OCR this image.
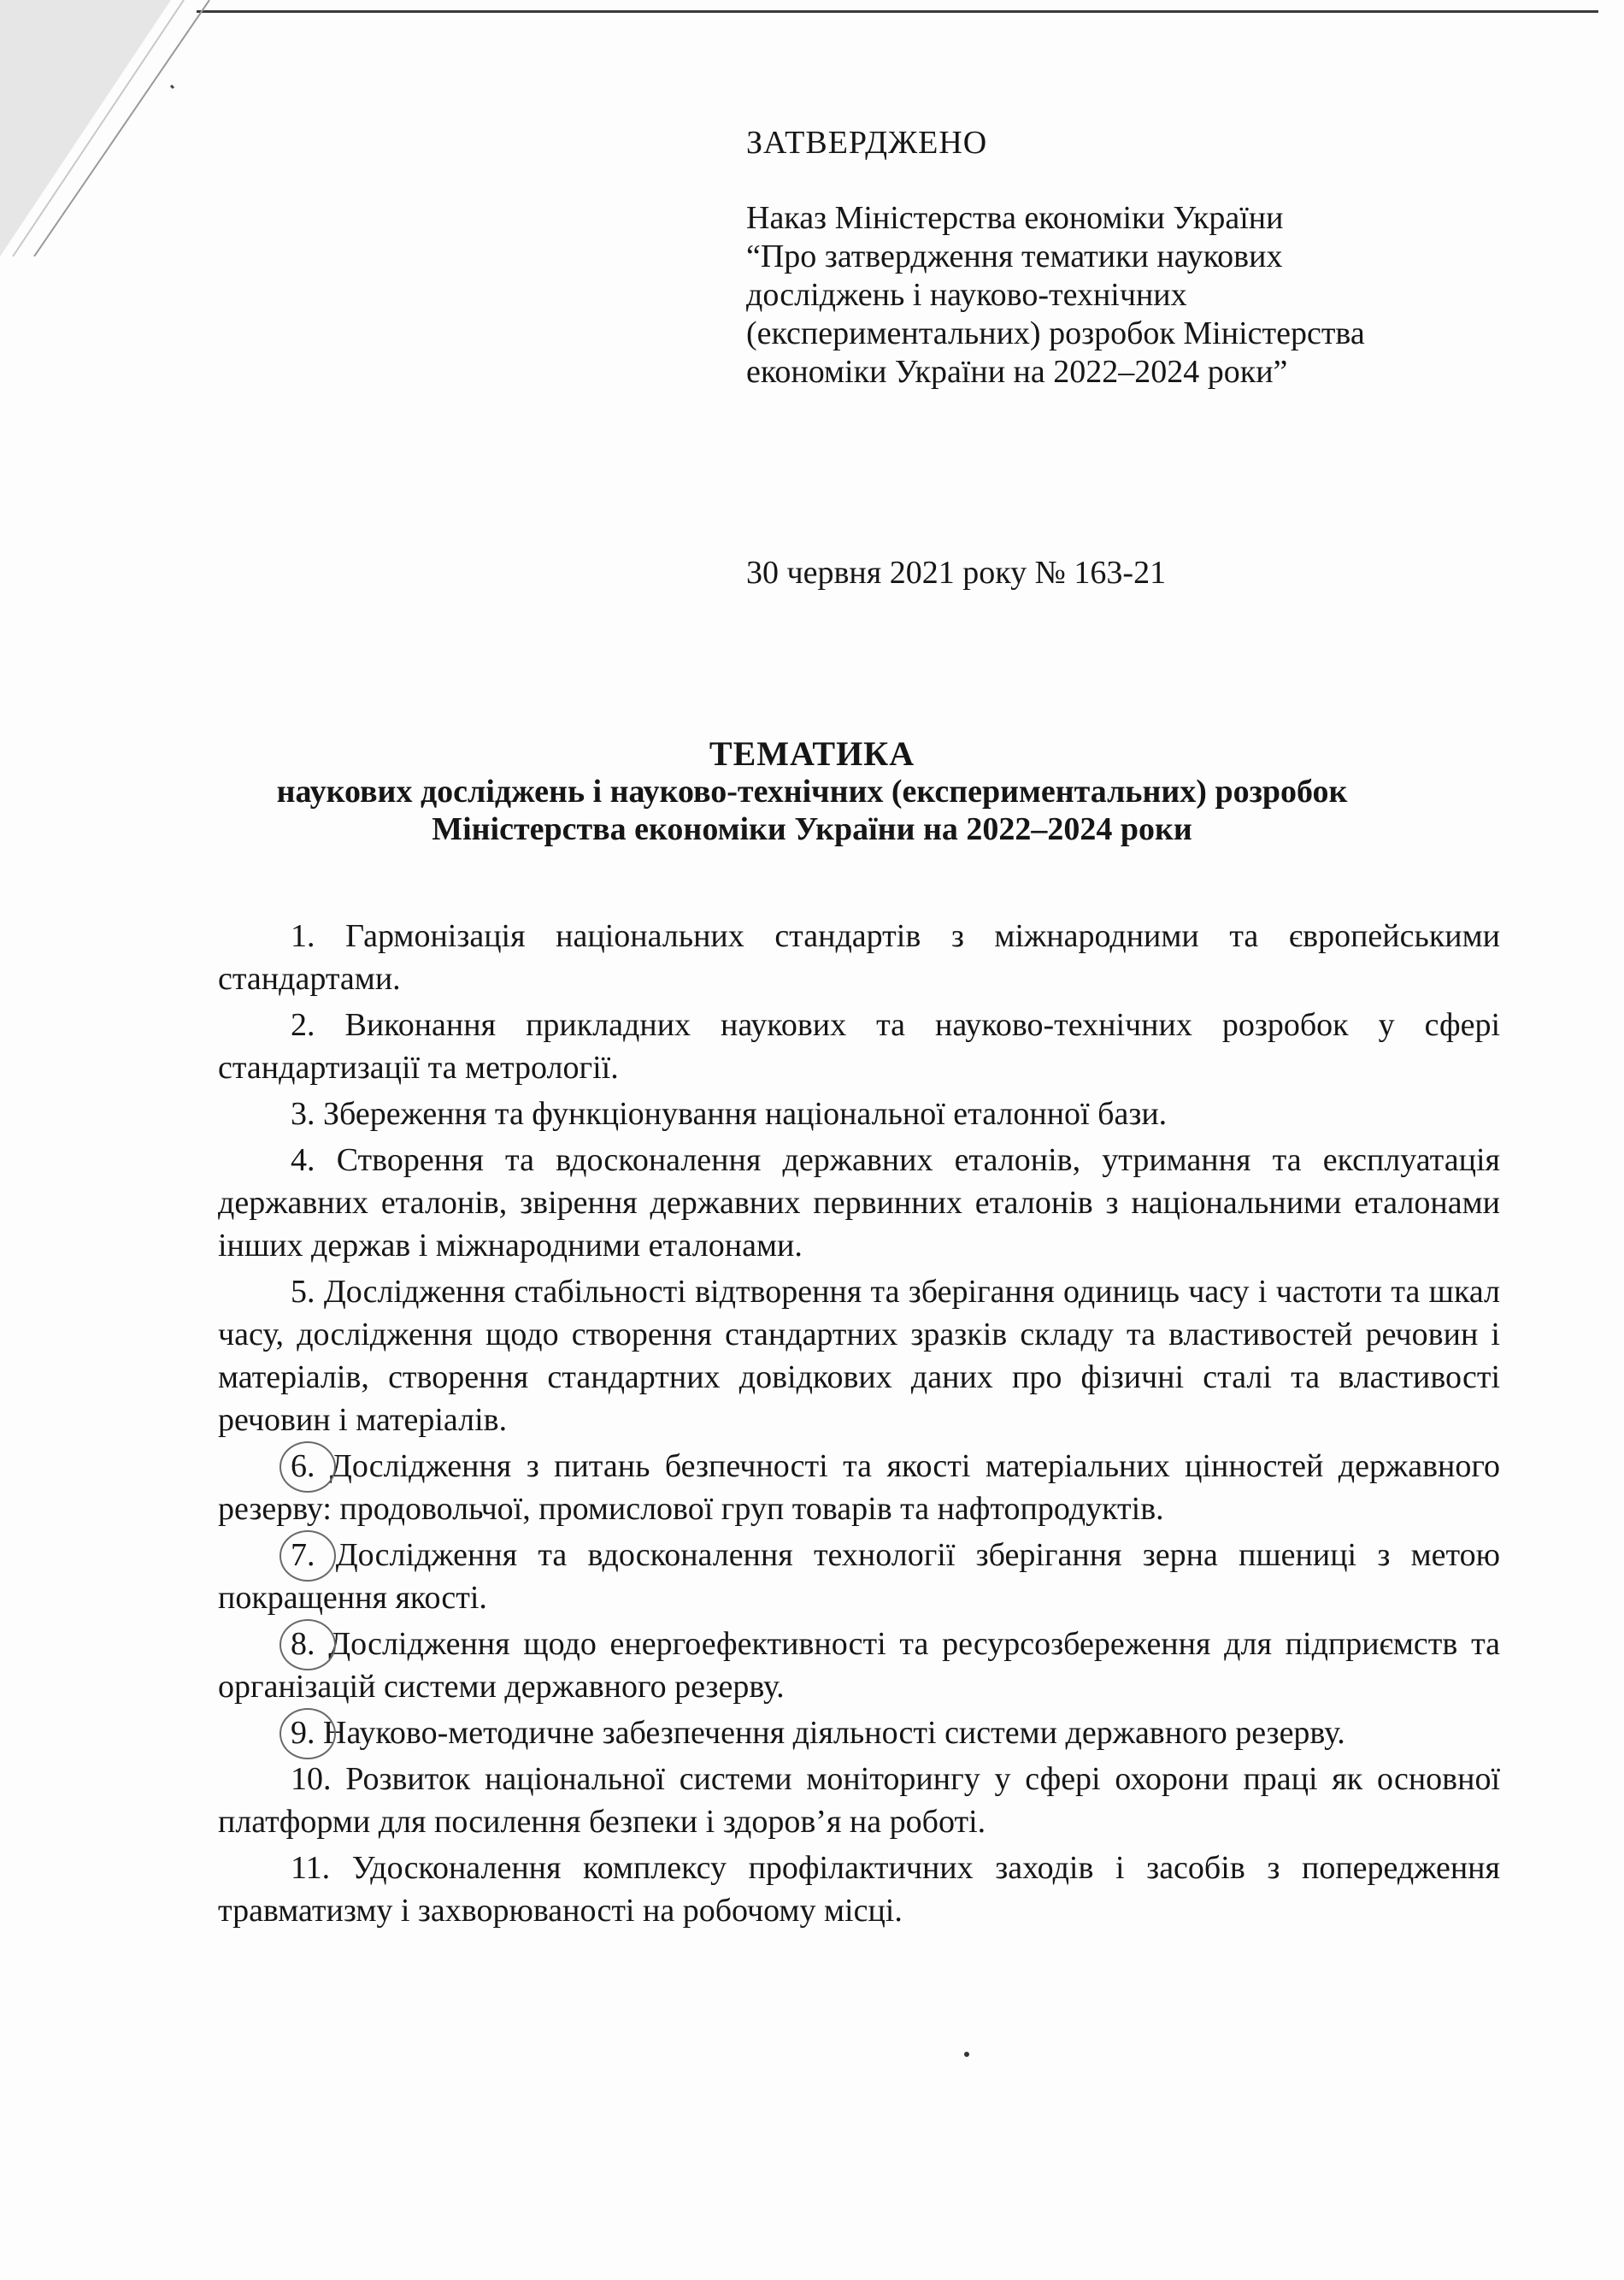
ЗАТВЕРДЖЕНО
Наказ Міністерства економіки України
“Про затвердження тематики наукових
досліджень і науково-технічних
(експериментальних) розробок Міністерства
економіки України на 2022–2024 роки”
30 червня 2021 року № 163-21
ТЕМАТИКА
наукових досліджень і науково-технічних (експериментальних) розробок
Міністерства економіки України на 2022–2024 роки

1. Гармонізація національних стандартів з міжнародними та європейськими стандартами.

2. Виконання прикладних наукових та науково-технічних розробок у сфері стандартизації та метрології.

3. Збереження та функціонування національної еталонної бази.

4. Створення та вдосконалення державних еталонів, утримання та експлуатація державних еталонів, звірення державних первинних еталонів з національними еталонами інших держав і міжнародними еталонами.

5. Дослідження стабільності відтворення та зберігання одиниць часу і частоти та шкал часу, дослідження щодо створення стандартних зразків складу та властивостей речовин і матеріалів, створення стандартних довідкових даних про фізичні сталі та властивості речовин і матеріалів.

6. Дослідження з питань безпечності та якості матеріальних цінностей державного резерву: продовольчої, промислової груп товарів та нафтопродуктів.

7. Дослідження та вдосконалення технології зберігання зерна пшениці з метою покращення якості.

8. Дослідження щодо енергоефективності та ресурсозбереження для підприємств та організацій системи державного резерву.

9. Науково-методичне забезпечення діяльності системи державного резерву.

10. Розвиток національної системи моніторингу у сфері охорони праці як основної платформи для посилення безпеки і здоров’я на роботі.

11. Удосконалення комплексу профілактичних заходів і засобів з попередження травматизму і захворюваності на робочому місці.
